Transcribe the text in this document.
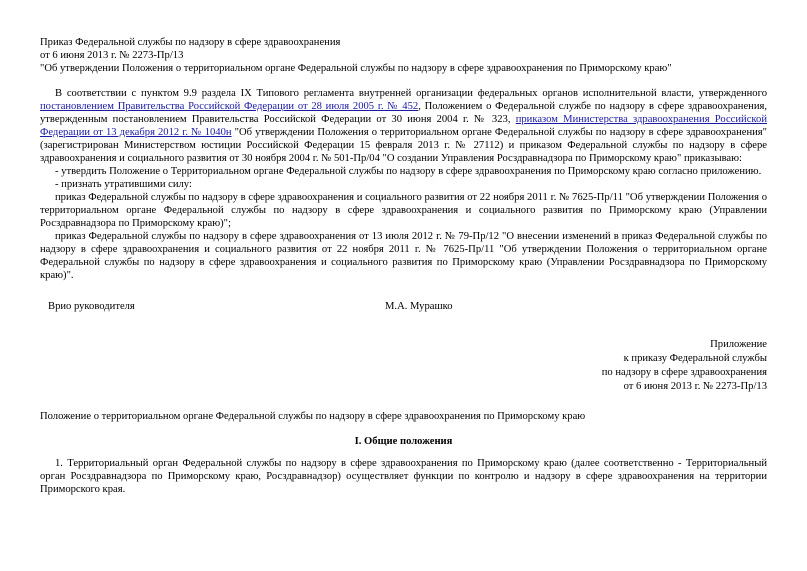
Приказ Федеральной службы по надзору в сфере здравоохранения
от 6 июня 2013 г. № 2273-Пр/13
"Об утверждении Положения о территориальном органе Федеральной службы по надзору в сфере здравоохранения по Приморскому краю"

В соответствии с пунктом 9.9 раздела IX Типового регламента внутренней организации федеральных органов исполнительной власти, утвержденного постановлением Правительства Российской Федерации от 28 июля 2005 г. № 452, Положением о Федеральной службе по надзору в сфере здравоохранения, утвержденным постановлением Правительства Российской Федерации от 30 июня 2004 г. № 323, приказом Министерства здравоохранения Российской Федерации от 13 декабря 2012 г. № 1040н "Об утверждении Положения о территориальном органе Федеральной службы по надзору в сфере здравоохранения" (зарегистрирован Министерством юстиции Российской Федерации 15 февраля 2013 г. № 27112) и приказом Федеральной службы по надзору в сфере здравоохранения и социального развития от 30 ноября 2004 г. № 501-Пр/04 "О создании Управления Росздравнадзора по Приморскому краю" приказываю:

- утвердить Положение о Территориальном органе Федеральной службы по надзору в сфере здравоохранения по Приморскому краю согласно приложению.

- признать утратившими силу:

приказ Федеральной службы по надзору в сфере здравоохранения и социального развития от 22 ноября 2011 г. № 7625-Пр/11 "Об утверждении Положения о территориальном органе Федеральной службы по надзору в сфере здравоохранения и социального развития по Приморскому краю (Управлении Росздравнадзора по Приморскому краю)";

приказ Федеральной службы по надзору в сфере здравоохранения от 13 июля 2012 г. № 79-Пр/12 "О внесении изменений в приказ Федеральной службы по надзору в сфере здравоохранения и социального развития от 22 ноября 2011 г. № 7625-Пр/11 "Об утверждении Положения о территориальном органе Федеральной службы по надзору в сфере здравоохранения и социального развития по Приморскому краю (Управлении Росздравнадзора по Приморскому краю)".

Врио руководителя	М.А. Мурашко
Приложение
к приказу Федеральной службы
по надзору в сфере здравоохранения
от 6 июня 2013 г. № 2273-Пр/13
Положение о территориальном органе Федеральной службы по надзору в сфере здравоохранения по Приморскому краю
I. Общие положения

1. Территориальный орган Федеральной службы по надзору в сфере здравоохранения по Приморскому краю (далее соответственно - Территориальный орган Росздравнадзора по Приморскому краю, Росздравнадзор) осуществляет функции по контролю и надзору в сфере здравоохранения на территории Приморского края.
